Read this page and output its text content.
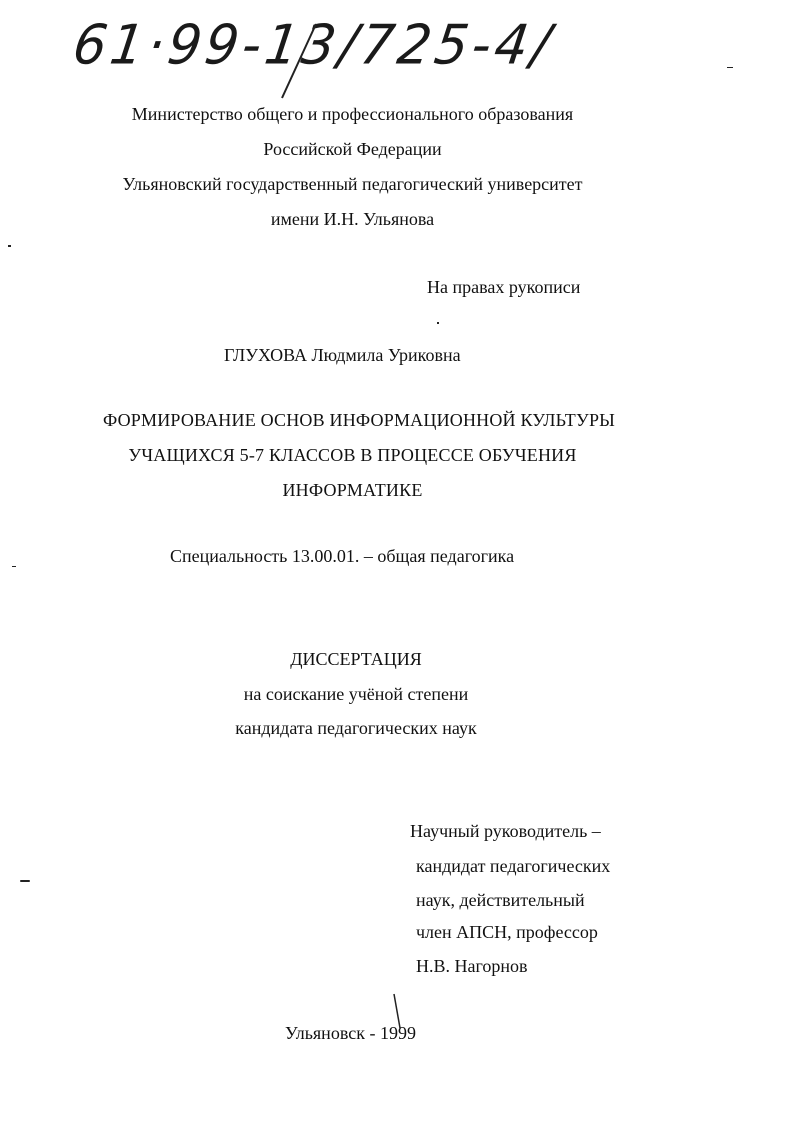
61·99-13/725-4/

Министерство общего и профессионального образования

Российской Федерации

Ульяновский государственный педагогический университет

имени И.Н. Ульянова

На правах рукописи

ГЛУХОВА Людмила Уриковна

ФОРМИРОВАНИЕ ОСНОВ ИНФОРМАЦИОННОЙ КУЛЬТУРЫ

УЧАЩИХСЯ 5-7 КЛАССОВ В ПРОЦЕССЕ ОБУЧЕНИЯ

ИНФОРМАТИКЕ

Специальность 13.00.01. – общая педагогика

ДИССЕРТАЦИЯ

на соискание учёной степени

кандидата педагогических наук

Научный руководитель –

кандидат педагогических

наук, действительный

член АПСН, профессор

Н.В. Нагорнов

Ульяновск - 1999
